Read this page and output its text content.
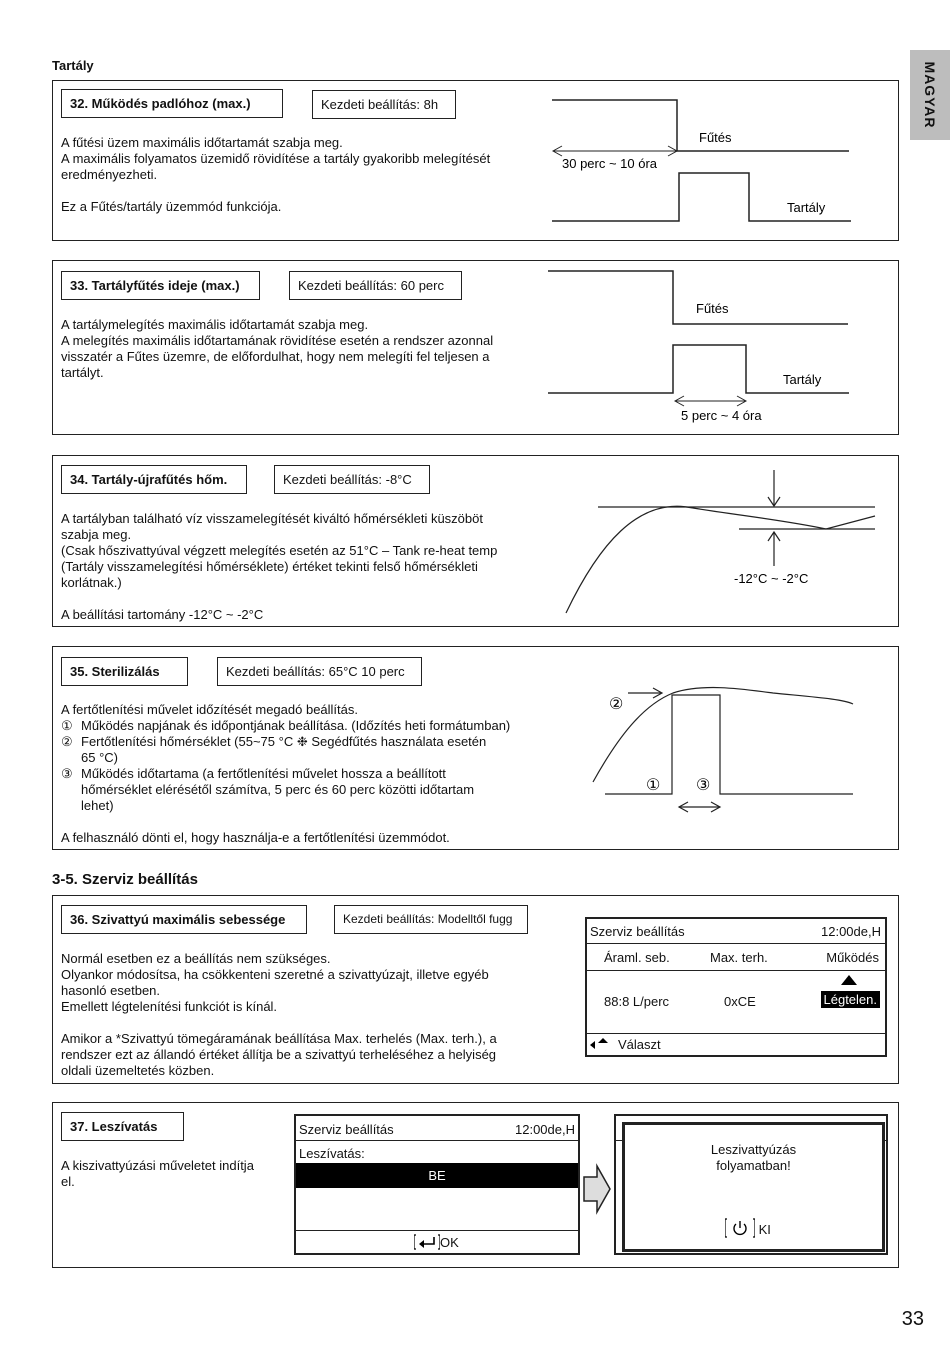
MAGYAR
Tartály
32. Működés padlóhoz (max.)	Kezdeti beállítás: 8h

A fűtési üzem maximális időtartamát szabja meg.

A maximális folyamatos üzemidő rövidítése a tartály gyakoribb melegítését

eredményezheti.

Ez a Fűtés/tartály üzemmód funkciója.

Fűtés
30 perc ~ 10 óra
Tartály
33. Tartályfűtés ideje (max.)	Kezdeti beállítás: 60 perc

A tartálymelegítés maximális időtartamát szabja meg.

A melegítés maximális időtartamának rövidítése esetén a rendszer azonnal

visszatér a Fűtes üzemre, de előfordulhat, hogy nem melegíti fel teljesen a

tartályt.

Fűtés
Tartály
5 perc ~ 4 óra
34. Tartály-újrafűtés hőm.	Kezdeti beállítás: -8°C

A tartályban található víz visszamelegítését kiváltó hőmérsékleti küszöböt

szabja meg.

(Csak hőszivattyúval végzett melegítés esetén az 51°C – Tank re-heat temp

(Tartály visszamelegítési hőmérséklete) értéket tekinti felső hőmérsékleti

korlátnak.)

A beállítási tartomány -12°C ~ -2°C

-12°C ~ -2°C
35. Sterilizálás	Kezdeti beállítás: 65°C 10 perc

A fertőtlenítési művelet időzítését megadó beállítás.

① Működés napjának és időpontjának beállítása. (Időzítés heti formátumban)

② Fertőtlenítési hőmérséklet (55~75 °C ❉ Segédfűtés használata esetén

65 °C)

③ Működés időtartama (a fertőtlenítési művelet hossza a beállított

hőmérséklet elérésétől számítva, 5 perc és 60 perc közötti időtartam

lehet)

A felhasználó dönti el, hogy használja-e a fertőtlenítési üzemmódot.

②
① ③
3-5. Szerviz beállítás
36. Szivattyú maximális sebessége	Kezdeti beállítás: Modelltől fugg

Normál esetben ez a beállítás nem szükséges.

Olyankor módosítsa, ha csökkenteni szeretné a szivattyúzajt, illetve egyéb

hasonló esetben.

Emellett légtelenítési funkciót is kínál.

Amikor a *Szivattyú tömegáramának beállítása Max. terhelés (Max. terh.), a

rendszer ezt az állandó értéket állítja be a szivattyú terheléséhez a helyiség

oldali üzemeltetés közben.

Szerviz beállítás	12:00de,H
Áraml. seb.	Max. terh.	Működés
88:8 L/perc	0xCE	Légtelen.
Választ
37. Leszívatás

A kiszivattyúzási műveletet indítja

el.

Szerviz beállítás	12:00de,H
Leszívatás:
BE
OK
Leszivattyúzás
folyamatban!
KI
33
